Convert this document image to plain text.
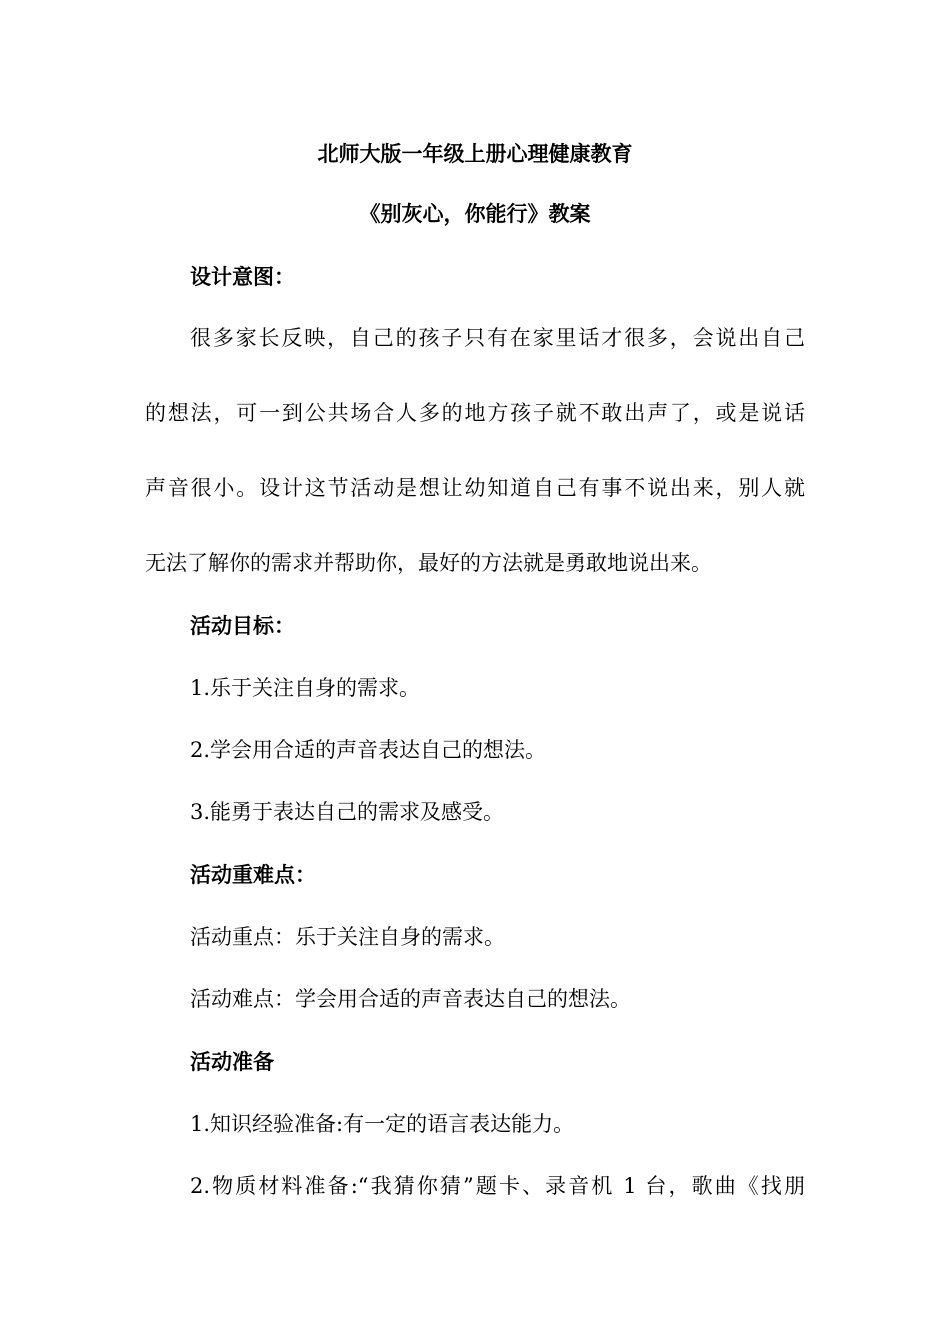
北师大版一年级上册心理健康教育
《别灰心，你能行》教案
设计意图：
很多家长反映，自己的孩子只有在家里话才很多，会说出自己
的想法，可一到公共场合人多的地方孩子就不敢出声了，或是说话
声音很小。设计这节活动是想让幼知道自己有事不说出来，别人就
无法了解你的需求并帮助你，最好的方法就是勇敢地说出来。
活动目标：
1.乐于关注自身的需求。
2.学会用合适的声音表达自己的想法。
3.能勇于表达自己的需求及感受。
活动重难点：
活动重点：乐于关注自身的需求。
活动难点：学会用合适的声音表达自己的想法。
活动准备
1.知识经验准备:有一定的语言表达能力。
2.物质材料准备:“我猜你猜”题卡、录音机 1 台，歌曲《找朋
